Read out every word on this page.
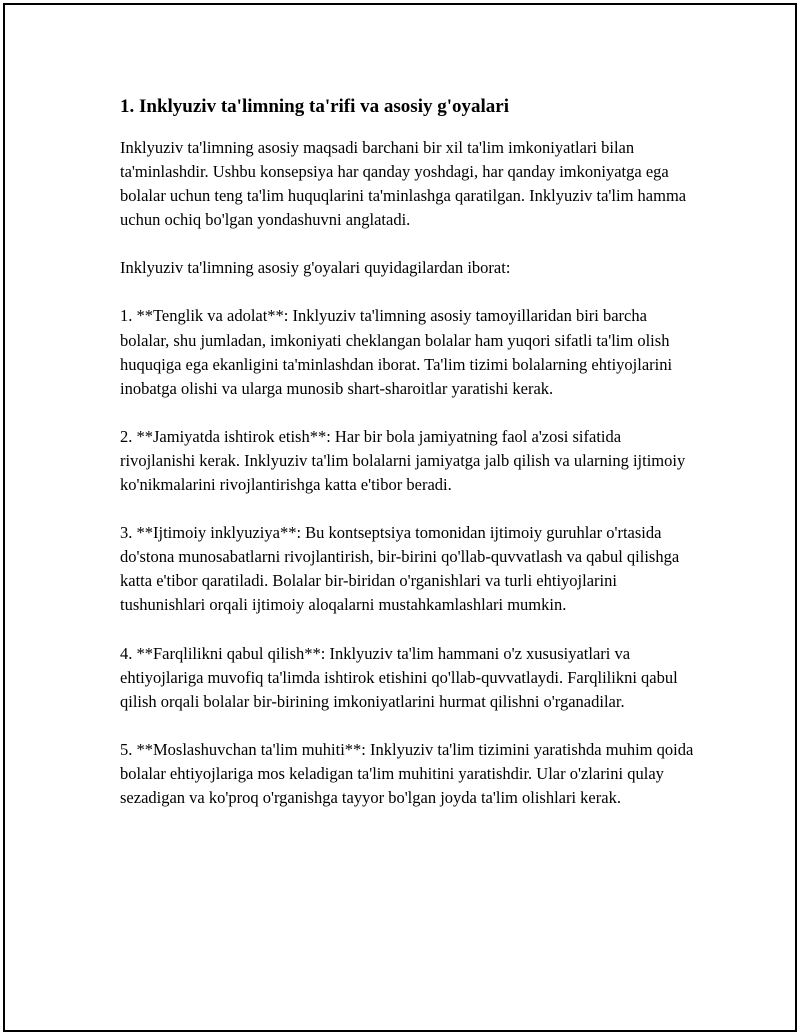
1. Inklyuziv ta'limning ta'rifi va asosiy g'oyalari

Inklyuziv ta'limning asosiy maqsadi barchani bir xil ta'lim imkoniyatlari bilan ta'minlashdir. Ushbu konsepsiya har qanday yoshdagi, har qanday imkoniyatga ega bolalar uchun teng ta'lim huquqlarini ta'minlashga qaratilgan. Inklyuziv ta'lim hamma uchun ochiq bo'lgan yondashuvni anglatadi.

Inklyuziv ta'limning asosiy g'oyalari quyidagilardan iborat:

1. **Tenglik va adolat**: Inklyuziv ta'limning asosiy tamoyillaridan biri barcha bolalar, shu jumladan, imkoniyati cheklangan bolalar ham yuqori sifatli ta'lim olish huquqiga ega ekanligini ta'minlashdan iborat. Ta'lim tizimi bolalarning ehtiyojlarini inobatga olishi va ularga munosib shart-sharoitlar yaratishi kerak.

2. **Jamiyatda ishtirok etish**: Har bir bola jamiyatning faol a'zosi sifatida rivojlanishi kerak. Inklyuziv ta'lim bolalarni jamiyatga jalb qilish va ularning ijtimoiy ko'nikmalarini rivojlantirishga katta e'tibor beradi.

3. **Ijtimoiy inklyuziya**: Bu kontseptsiya tomonidan ijtimoiy guruhlar o'rtasida do'stona munosabatlarni rivojlantirish, bir-birini qo'llab-quvvatlash va qabul qilishga katta e'tibor qaratiladi. Bolalar bir-biridan o'rganishlari va turli ehtiyojlarini tushunishlari orqali ijtimoiy aloqalarni mustahkamlashlari mumkin.

4. **Farqlilikni qabul qilish**: Inklyuziv ta'lim hammani o'z xususiyatlari va ehtiyojlariga muvofiq ta'limda ishtirok etishini qo'llab-quvvatlaydi. Farqlilikni qabul qilish orqali bolalar bir-birining imkoniyatlarini hurmat qilishni o'rganadilar.

5. **Moslashuvchan ta'lim muhiti**: Inklyuziv ta'lim tizimini yaratishda muhim qoida bolalar ehtiyojlariga mos keladigan ta'lim muhitini yaratishdir. Ular o'zlarini qulay sezadigan va ko'proq o'rganishga tayyor bo'lgan joyda ta'lim olishlari kerak.
